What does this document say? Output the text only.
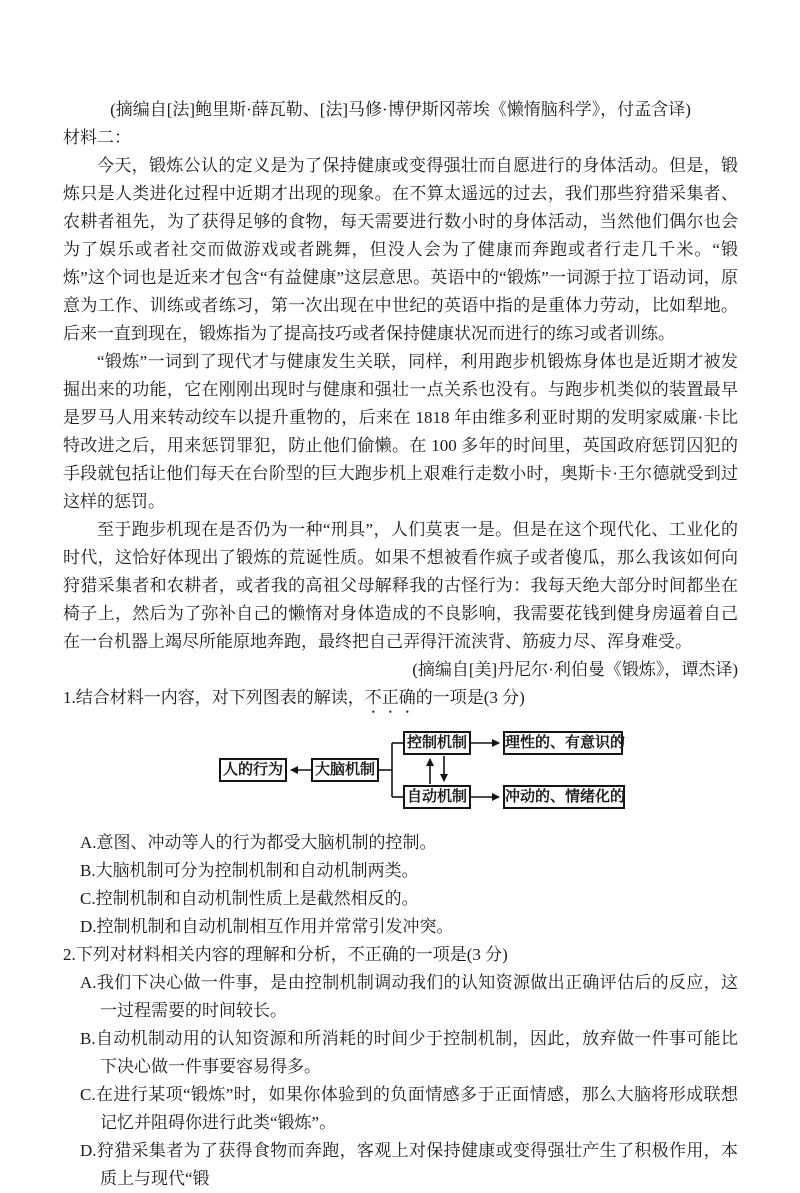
(摘编自[法]鲍里斯·薛瓦勒、[法]马修·博伊斯冈蒂埃《懒惰脑科学》，付孟含译)
材料二：

今天，锻炼公认的定义是为了保持健康或变得强壮而自愿进行的身体活动。但是，锻炼只是人类进化过程中近期才出现的现象。在不算太遥远的过去，我们那些狩猎采集者、农耕者祖先，为了获得足够的食物，每天需要进行数小时的身体活动，当然他们偶尔也会为了娱乐或者社交而做游戏或者跳舞，但没人会为了健康而奔跑或者行走几千米。“锻炼”这个词也是近来才包含“有益健康”这层意思。英语中的“锻炼”一词源于拉丁语动词，原意为工作、训练或者练习，第一次出现在中世纪的英语中指的是重体力劳动，比如犁地。后来一直到现在，锻炼指为了提高技巧或者保持健康状况而进行的练习或者训练。

“锻炼”一词到了现代才与健康发生关联，同样，利用跑步机锻炼身体也是近期才被发掘出来的功能，它在刚刚出现时与健康和强壮一点关系也没有。与跑步机类似的装置最早是罗马人用来转动绞车以提升重物的，后来在 1818 年由维多利亚时期的发明家威廉·卡比特改进之后，用来惩罚罪犯，防止他们偷懒。在 100 多年的时间里，英国政府惩罚囚犯的手段就包括让他们每天在台阶型的巨大跑步机上艰难行走数小时，奥斯卡·王尔德就受到过这样的惩罚。

至于跑步机现在是否仍为一种“刑具”，人们莫衷一是。但是在这个现代化、工业化的时代，这恰好体现出了锻炼的荒诞性质。如果不想被看作疯子或者傻瓜，那么我该如何向狩猎采集者和农耕者，或者我的高祖父母解释我的古怪行为：我每天绝大部分时间都坐在椅子上，然后为了弥补自己的懒惰对身体造成的不良影响，我需要花钱到健身房逼着自己在一台机器上竭尽所能原地奔跑，最终把自己弄得汗流浃背、筋疲力尽、浑身难受。

(摘编自[美]丹尼尔·利伯曼《锻炼》，谭杰译)
1.结合材料一内容，对下列图表的解读，不正确的一项是(3 分)
人的行为 大脑机制
控制机制
自动机制
理性的、有意识的
冲动的、情绪化的
A.意图、冲动等人的行为都受大脑机制的控制。
B.大脑机制可分为控制机制和自动机制两类。
C.控制机制和自动机制性质上是截然相反的。
D.控制机制和自动机制相互作用并常常引发冲突。
2.下列对材料相关内容的理解和分析，不正确的一项是(3 分)
A.我们下决心做一件事，是由控制机制调动我们的认知资源做出正确评估后的反应，这一过程需要的时间较长。
B.自动机制动用的认知资源和所消耗的时间少于控制机制，因此，放弃做一件事可能比下决心做一件事要容易得多。
C.在进行某项“锻炼”时，如果你体验到的负面情感多于正面情感，那么大脑将形成联想记忆并阻碍你进行此类“锻炼”。
D.狩猎采集者为了获得食物而奔跑，客观上对保持健康或变得强壮产生了积极作用，本质上与现代“锻
